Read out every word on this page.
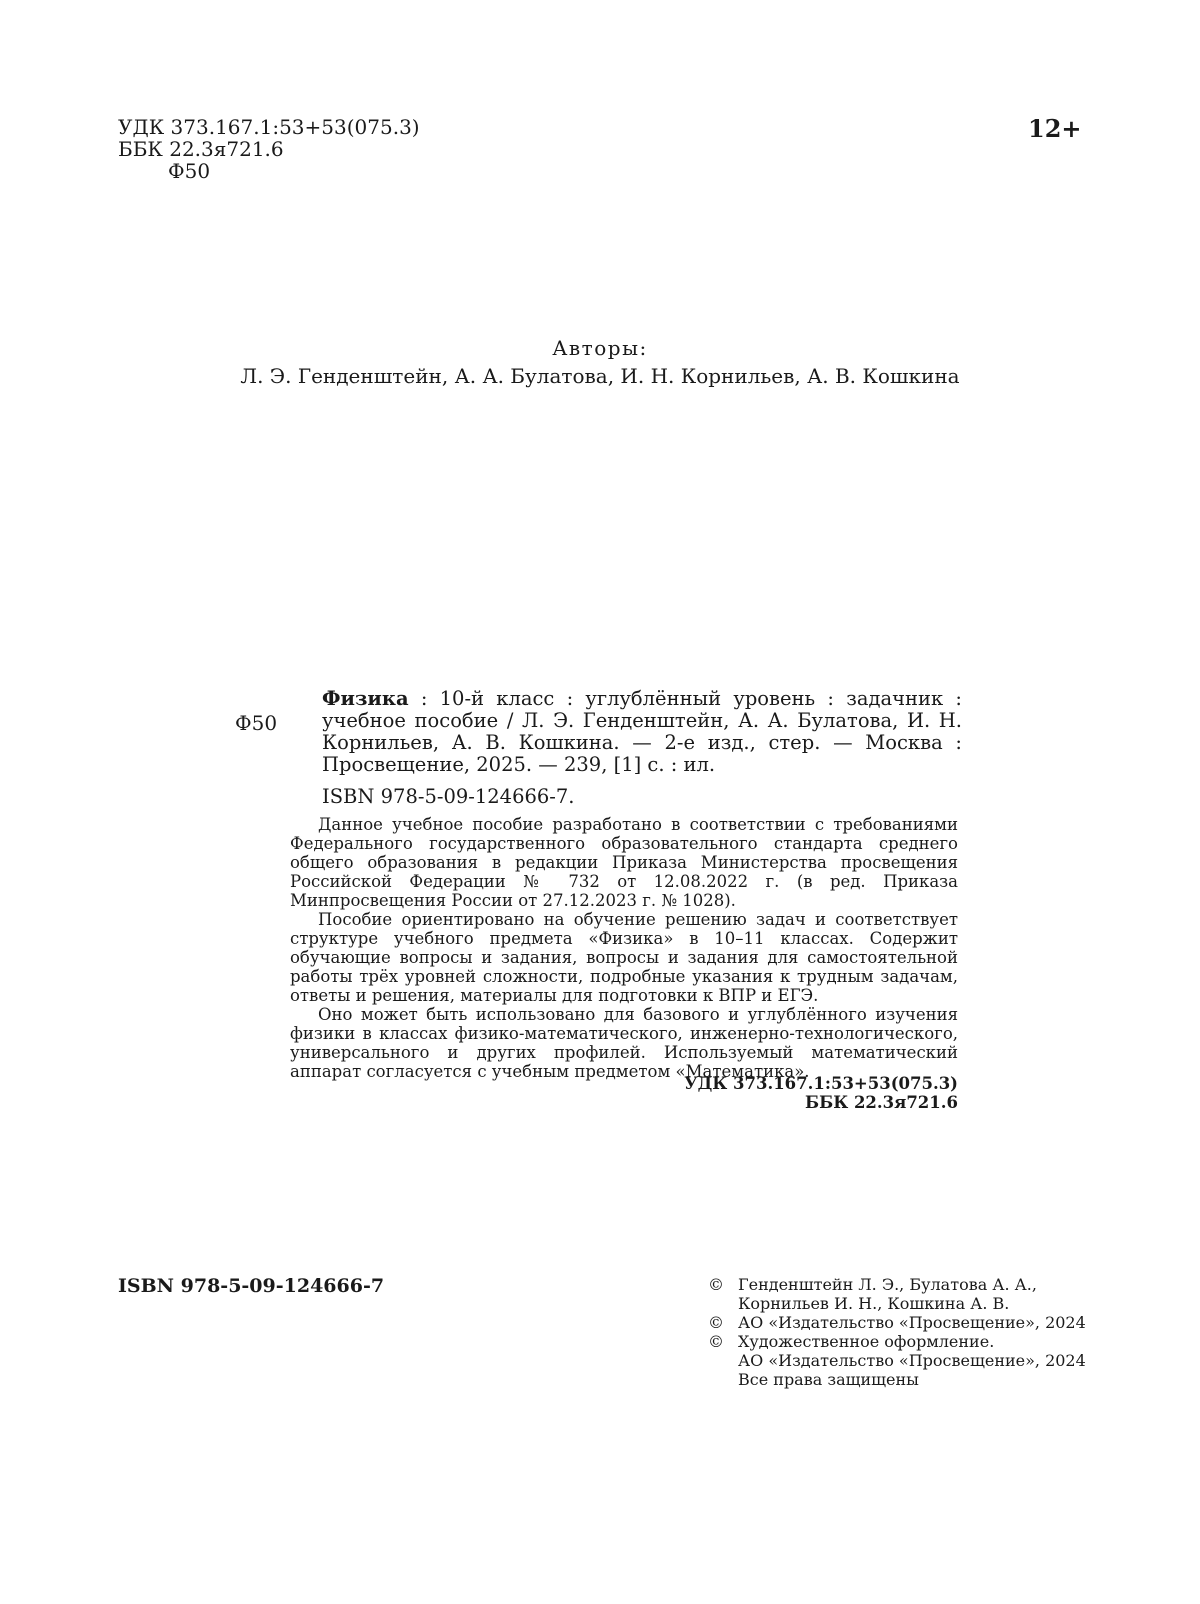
УДК 373.167.1:53+53(075.3)
ББК 22.3я721.6
Ф50
12+
Авторы:
Л. Э. Генденштейн, А. А. Булатова, И. Н. Корнильев, А. В. Кошкина
Ф50
Физика : 10-й класс : углублённый уровень : задачник : учебное пособие / Л. Э. Генденштейн, А. А. Булатова, И. Н. Корнильев, А. В. Кошкина. — 2-е изд., стер. — Москва : Просвещение, 2025. — 239, [1] с. : ил.
ISBN 978-5-09-124666-7.

Данное учебное пособие разработано в соответствии с требованиями Федерального государственного образовательного стандарта среднего общего образования в редакции Приказа Министерства просвещения Российской Федерации № 732 от 12.08.2022 г. (в ред. Приказа Минпросвещения России от 27.12.2023 г. № 1028).

Пособие ориентировано на обучение решению задач и соответствует структуре учебного предмета «Физика» в 10–11 классах. Содержит обучающие вопросы и задания, вопросы и задания для самостоятельной работы трёх уровней сложности, подробные указания к трудным задачам, ответы и решения, материалы для подготовки к ВПР и ЕГЭ.

Оно может быть использовано для базового и углублённого изучения физики в классах физико-математического, инженерно-технологического, универсального и других профилей. Используемый математический аппарат согласуется с учебным предметом «Математика».

УДК 373.167.1:53+53(075.3)
ББК 22.3я721.6
ISBN 978-5-09-124666-7	© Генденштейн Л. Э., Булатова А. А.,
Корнильев И. Н., Кошкина А. В.
© АО «Издательство «Просвещение», 2024
© Художественное оформление.
АО «Издательство «Просвещение», 2024
Все права защищены
